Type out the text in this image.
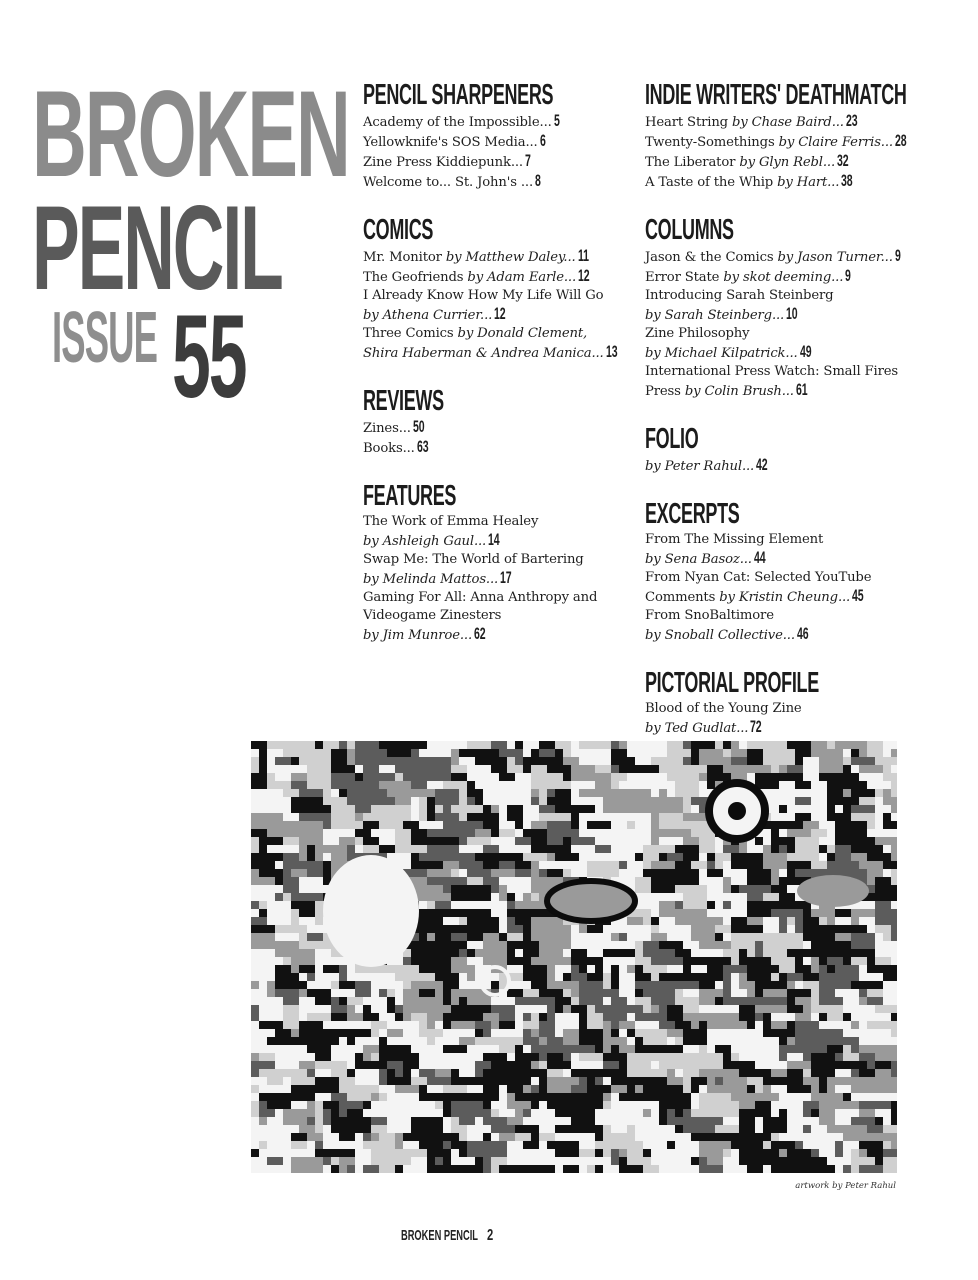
BROKEN
PENCIL
ISSUE 55
PENCIL SHARPENERS
Academy of the Impossible... 5
Yellowknife's SOS Media... 6
Zine Press Kiddiepunk... 7
Welcome to... St. John's ... 8
COMICS
Mr. Monitor by Matthew Daley... 11
The Geofriends by Adam Earle... 12
I Already Know How My Life Will Go
by Athena Currier... 12
Three Comics by Donald Clement, Shira Haberman & Andrea Manica... 13
REVIEWS
Zines... 50
Books... 63
FEATURES
The Work of Emma Healey
by Ashleigh Gaul... 14
Swap Me: The World of Bartering
by Melinda Mattos... 17
Gaming For All: Anna Anthropy and Videogame Zinesters
by Jim Munroe... 62
INDIE WRITERS' DEATHMATCH
Heart String by Chase Baird... 23
Twenty-Somethings by Claire Ferris... 28
The Liberator by Glyn Rebl... 32
A Taste of the Whip by Hart... 38
COLUMNS
Jason & the Comics by Jason Turner... 9
Error State by skot deeming... 9
Introducing Sarah Steinberg
by Sarah Steinberg... 10
Zine Philosophy
by Michael Kilpatrick... 49
International Press Watch: Small Fires Press by Colin Brush... 61
FOLIO
by Peter Rahul... 42
EXCERPTS
From The Missing Element
by Sena Basoz... 44
From Nyan Cat: Selected YouTube Comments by Kristin Cheung... 45
From SnoBaltimore
by Snoball Collective... 46
PICTORIAL PROFILE
Blood of the Young Zine
by Ted Gudlat... 72
artwork by Peter Rahul
BROKEN PENCIL 2
